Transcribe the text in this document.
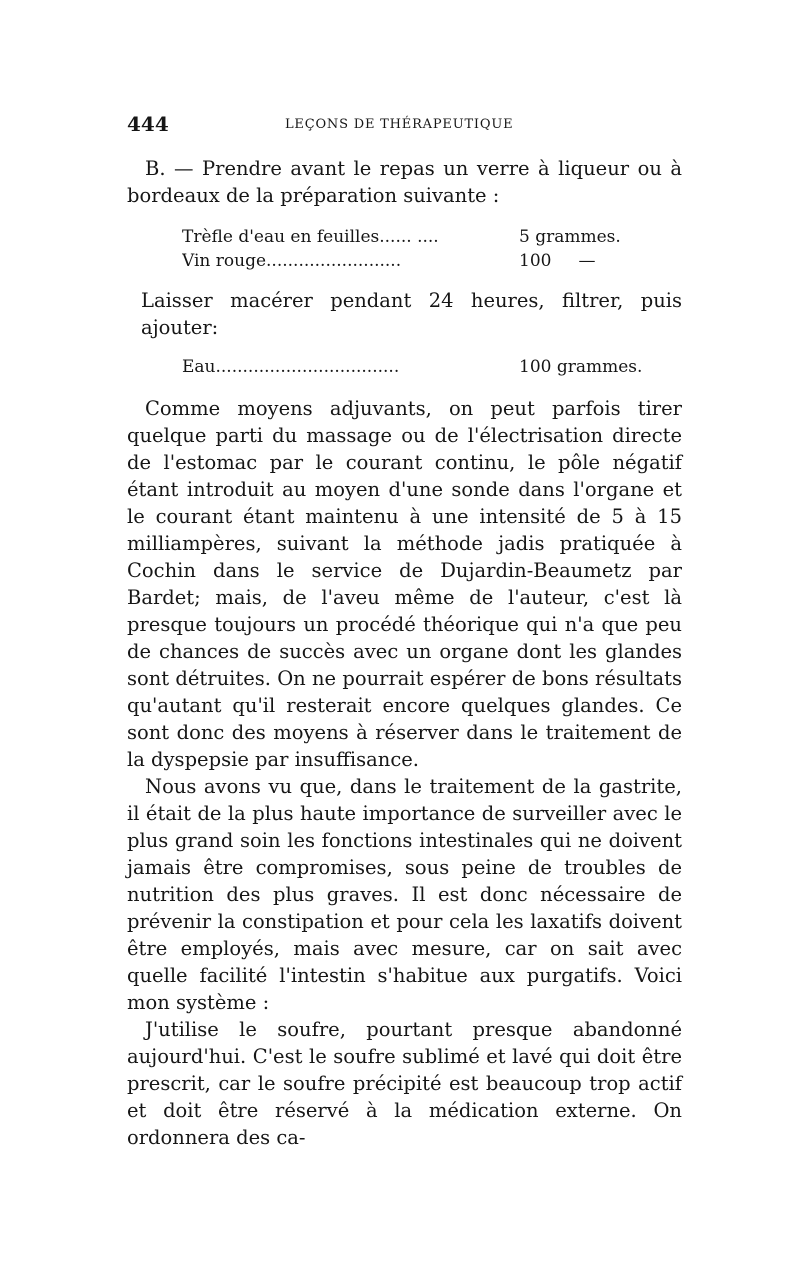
444	LEÇONS DE THÉRAPEUTIQUE

B. — Prendre avant le repas un verre à liqueur ou à bordeaux de la préparation suivante :

Trèfle d'eau en feuilles...... ....	5 grammes.
Vin rouge.........................	100     —

Laisser macérer pendant 24 heures, filtrer, puis ajouter:

Eau..................................	100 grammes.

Comme moyens adjuvants, on peut parfois tirer quelque parti du massage ou de l'électrisation directe de l'estomac par le courant continu, le pôle négatif étant introduit au moyen d'une sonde dans l'organe et le courant étant maintenu à une intensité de 5 à 15 milliampères, suivant la méthode jadis pratiquée à Cochin dans le service de Dujardin-Beaumetz par Bardet; mais, de l'aveu même de l'auteur, c'est là presque toujours un procédé théorique qui n'a que peu de chances de succès avec un organe dont les glandes sont détruites. On ne pourrait espérer de bons résultats qu'autant qu'il resterait encore quelques glandes. Ce sont donc des moyens à réserver dans le traitement de la dyspepsie par insuffisance.

Nous avons vu que, dans le traitement de la gastrite, il était de la plus haute importance de surveiller avec le plus grand soin les fonctions intestinales qui ne doivent jamais être compromises, sous peine de troubles de nutrition des plus graves. Il est donc nécessaire de prévenir la constipation et pour cela les laxatifs doivent être employés, mais avec mesure, car on sait avec quelle facilité l'intestin s'habitue aux purgatifs. Voici mon système :

J'utilise le soufre, pourtant presque abandonné aujourd'hui. C'est le soufre sublimé et lavé qui doit être prescrit, car le soufre précipité est beaucoup trop actif et doit être réservé à la médication externe. On ordonnera des ca-
